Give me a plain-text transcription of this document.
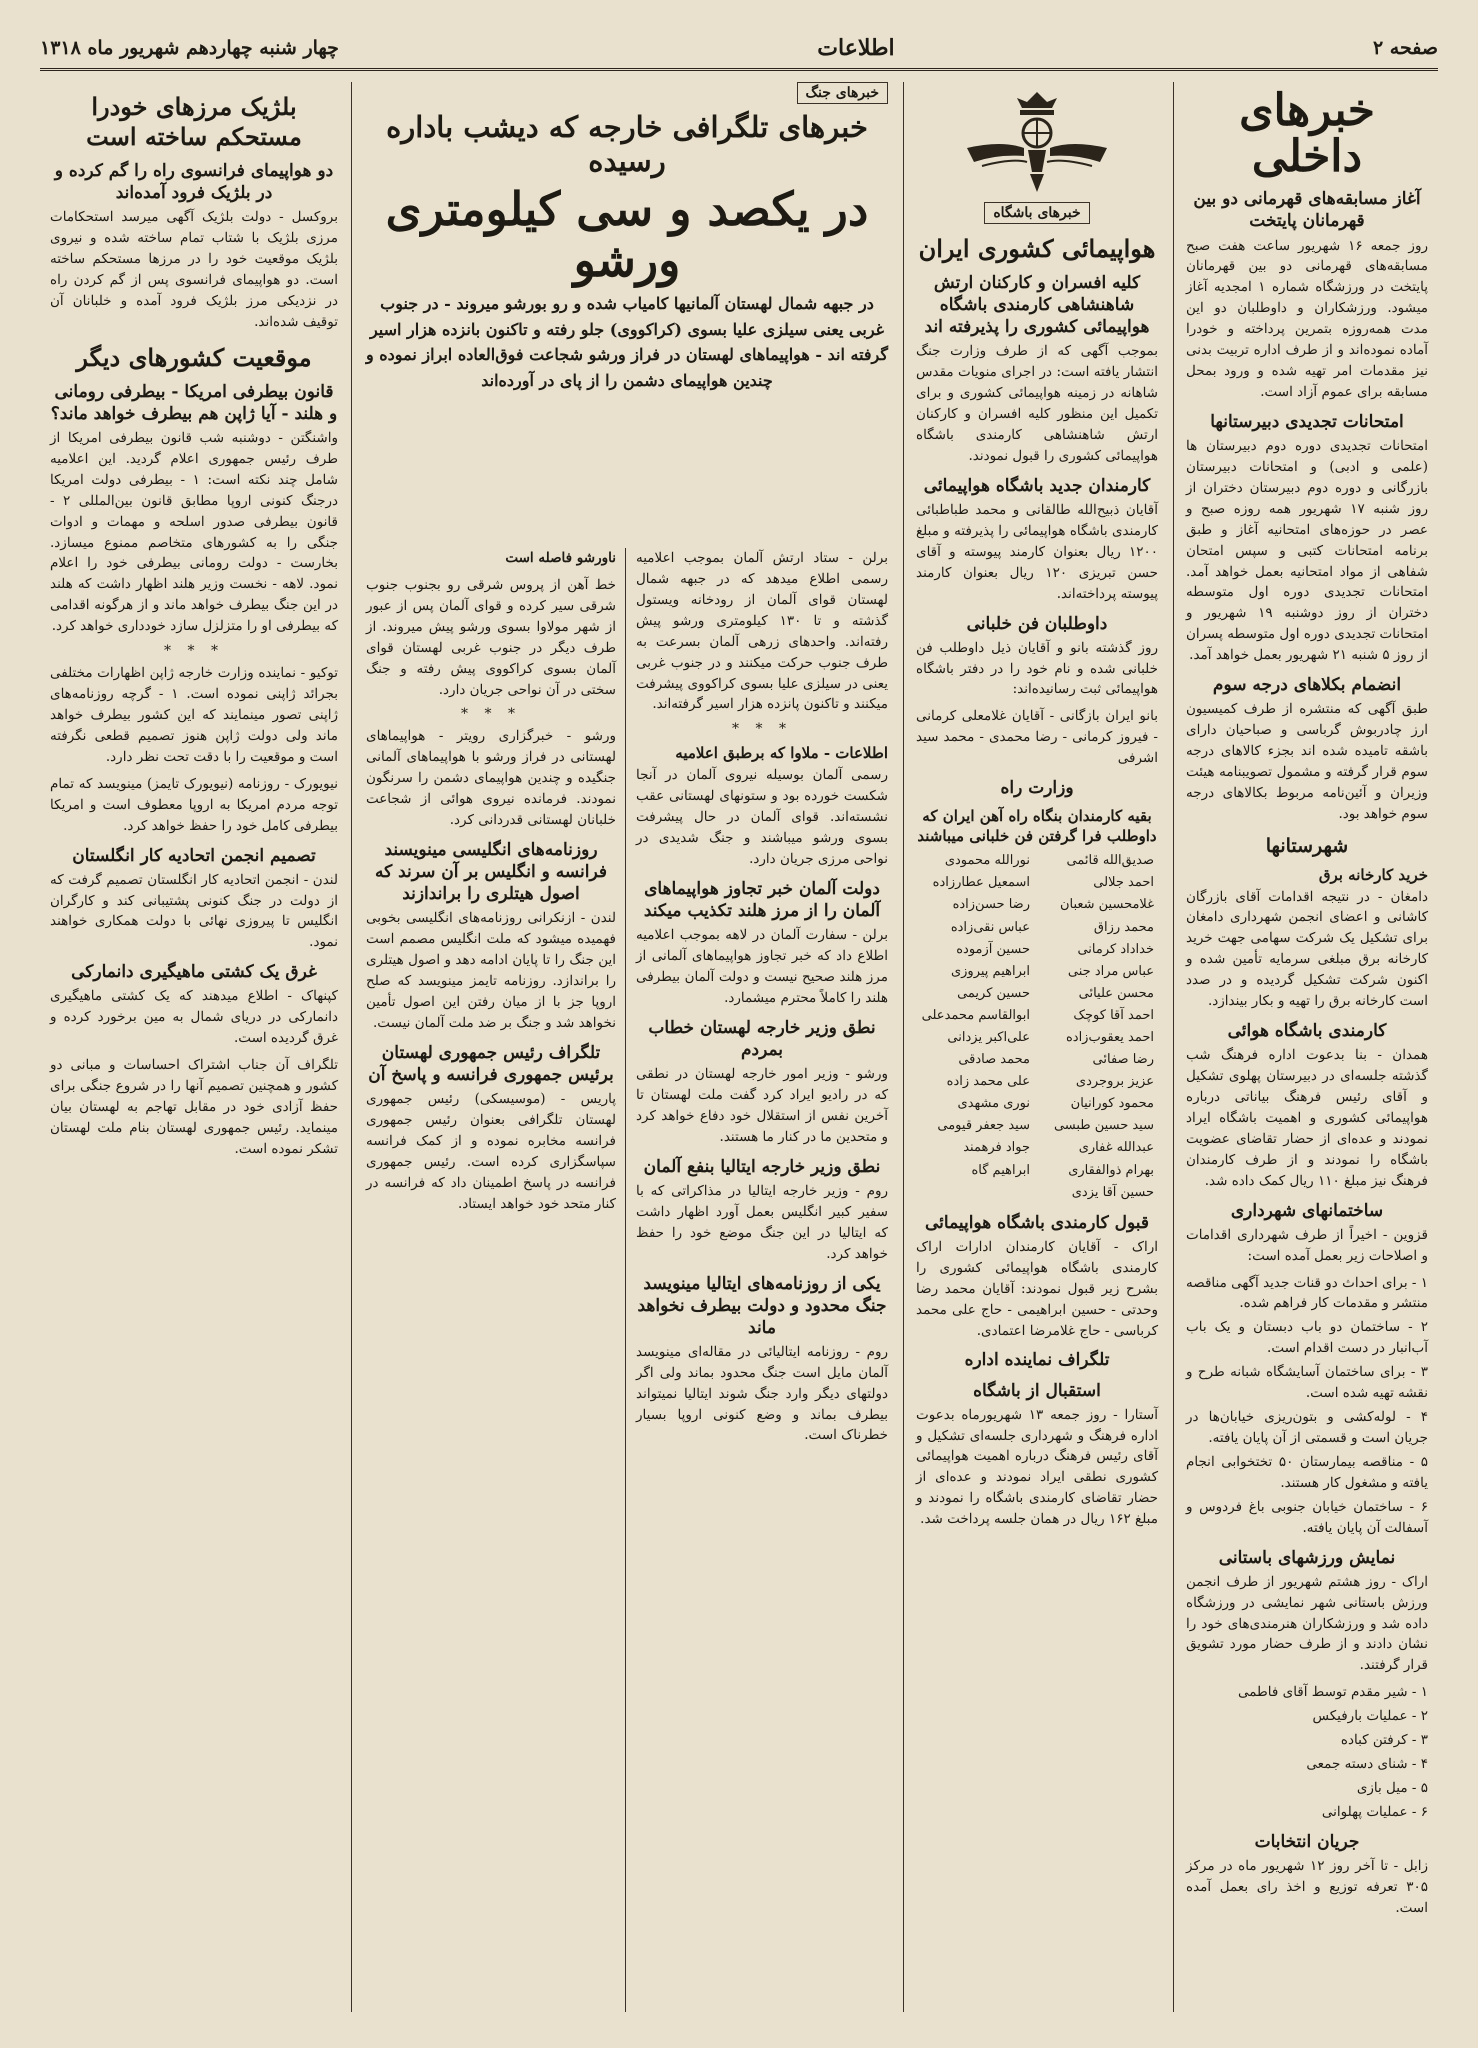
صفحه ۲
اطلاعات
چهار شنبه چهاردهم شهریور ماه ۱۳۱۸
خبرهای داخلی
آغاز مسابقه‌های قهرمانی دو بین قهرمانان پایتخت

روز جمعه ۱۶ شهریور ساعت هفت صبح مسابقه‌های قهرمانی دو بین قهرمانان پایتخت در ورزشگاه شماره ۱ امجدیه آغاز میشود. ورزشکاران و داوطلبان دو این مدت همه‌روزه بتمرین پرداخته و خودرا آماده نموده‌اند و از طرف اداره تربیت بدنی نیز مقدمات امر تهیه شده و ورود بمحل مسابقه برای عموم آزاد است.

امتحانات تجدیدی دبیرستانها

امتحانات تجدیدی دوره دوم دبیرستان ها (علمی و ادبی) و امتحانات دبیرستان بازرگانی و دوره دوم دبیرستان دختران از روز شنبه ۱۷ شهریور همه روزه صبح و عصر در حوزه‌های امتحانیه آغاز و طبق برنامه امتحانات کتبی و سپس امتحان شفاهی از مواد امتحانیه بعمل خواهد آمد. امتحانات تجدیدی دوره اول متوسطه دختران از روز دوشنبه ۱۹ شهریور و امتحانات تجدیدی دوره اول متوسطه پسران از روز ۵ شنبه ۲۱ شهریور بعمل خواهد آمد.

انضمام بکلاهای درجه سوم

طبق آگهی که منتشره از طرف کمیسیون ارز چادربوش گرباسی و صباحیان دارای باشقه تامیده شده اند بجزء کالاهای درجه سوم قرار گرفته و مشمول تصویبنامه هیئت وزیران و آئین‌نامه مربوط بکالاهای درجه سوم خواهد بود.

شهرستانها
خرید کارخانه برق

دامغان - در نتیجه اقدامات آقای بازرگان کاشانی و اعضای انجمن شهرداری دامغان برای تشکیل یک شرکت سهامی جهت خرید کارخانه برق مبلغی سرمایه تأمین شده و اکنون شرکت تشکیل گردیده و در صدد است کارخانه برق را تهیه و بکار بیندازد.

کارمندی باشگاه هوائی

همدان - بنا بدعوت اداره فرهنگ شب گذشته جلسه‌ای در دبیرستان پهلوی تشکیل و آقای رئیس فرهنگ بیاناتی درباره هواپیمائی کشوری و اهمیت باشگاه ایراد نمودند و عده‌ای از حضار تقاضای عضویت باشگاه را نمودند و از طرف کارمندان فرهنگ نیز مبلغ ۱۱۰ ریال کمک داده شد.

ساختمانهای شهرداری

قزوین - اخیراً از طرف شهرداری اقدامات و اصلاحات زیر بعمل آمده است:

۱ - برای احداث دو قنات جدید آگهی مناقصه منتشر و مقدمات کار فراهم شده.

۲ - ساختمان دو باب دبستان و یک باب آب‌انبار در دست اقدام است.

۳ - برای ساختمان آسایشگاه شبانه طرح و نقشه تهیه شده است.

۴ - لوله‌کشی و بتون‌ریزی خیابان‌ها در جریان است و قسمتی از آن پایان یافته.

۵ - مناقصه بیمارستان ۵۰ تختخوابی انجام یافته و مشغول کار هستند.

۶ - ساختمان خیابان جنوبی باغ فردوس و آسفالت آن پایان یافته.

نمایش ورزشهای باستانی

اراک - روز هشتم شهریور از طرف انجمن ورزش باستانی شهر نمایشی در ورزشگاه داده شد و ورزشکاران هنرمندی‌های خود را نشان دادند و از طرف حضار مورد تشویق قرار گرفتند.

۱ - شیر مقدم توسط آقای فاطمی

۲ - عملیات بارفیکس

۳ - کرفتن کباده

۴ - شنای دسته جمعی

۵ - میل بازی

۶ - عملیات پهلوانی

جریان انتخابات

زابل - تا آخر روز ۱۲ شهریور ماه در مرکز ۳۰۵ تعرفه توزیع و اخذ رای بعمل آمده است.

خبرهای باشگاه
هواپیمائی کشوری ایران
کلیه افسران و کارکنان ارتش شاهنشاهی کارمندی باشگاه هواپیمائی کشوری را پذیرفته اند

بموجب آگهی که از طرف وزارت جنگ انتشار یافته است: در اجرای منویات مقدس شاهانه در زمینه هواپیمائی کشوری و برای تکمیل این منظور کلیه افسران و کارکنان ارتش شاهنشاهی کارمندی باشگاه هواپیمائی کشوری را قبول نمودند.

کارمندان جدید باشگاه هواپیمائی

آقایان ذبیح‌الله طالقانی و محمد طباطبائی کارمندی باشگاه هواپیمائی را پذیرفته و مبلغ ۱۲۰۰ ریال بعنوان کارمند پیوسته و آقای حسن تبریزی ۱۲۰ ریال بعنوان کارمند پیوسته پرداخته‌اند.

داوطلبان فن خلبانی

روز گذشته بانو و آقایان ذیل داوطلب فن خلبانی شده و نام خود را در دفتر باشگاه هواپیمائی ثبت رسانیده‌اند:

بانو ایران بازگانی - آقایان غلامعلی کرمانی - فیروز کرمانی - رضا محمدی - محمد سید اشرفی

وزارت راه
بقیه کارمندان بنگاه راه آهن ایران که داوطلب فرا گرفتن فن خلبانی میباشند
صدیق‌الله قائمی
احمد جلالی
غلامحسین شعبان
محمد رزاق
خداداد کرمانی
عباس مراد جنی
محسن علیائی
احمد آقا کوچک
احمد یعقوب‌زاده
رضا صفائی
عزیز بروجردی
محمود کورانیان
سید حسین طبسی
عبدالله غفاری
بهرام ذوالفقاری
حسین آقا یزدی
نورالله محمودی
اسمعیل عطارزاده
رضا حسن‌زاده
عباس نقی‌زاده
حسین آزموده
ابراهیم پیروزی
حسین کریمی
ابوالقاسم محمدعلی
علی‌اکبر یزدانی
محمد صادقی
علی محمد زاده
نوری مشهدی
سید جعفر قیومی
جواد فرهمند
ابراهیم گاه
قبول کارمندی باشگاه هواپیمائی

اراک - آقایان کارمندان ادارات اراک کارمندی باشگاه هواپیمائی کشوری را بشرح زیر قبول نمودند: آقایان محمد رضا وحدتی - حسین ابراهیمی - حاج علی محمد کرباسی - حاج غلامرضا اعتمادی.

تلگراف نماینده اداره
استقبال از باشگاه

آستارا - روز جمعه ۱۳ شهریورماه بدعوت اداره فرهنگ و شهرداری جلسه‌ای تشکیل و آقای رئیس فرهنگ درباره اهمیت هواپیمائی کشوری نطقی ایراد نمودند و عده‌ای از حضار تقاضای کارمندی باشگاه را نمودند و مبلغ ۱۶۲ ریال در همان جلسه پرداخت شد.

خبرهای جنگ
خبرهای تلگرافی خارجه که دیشب باداره رسیده
در یکصد و سی کیلومتری ورشو

در جبهه شمال لهستان آلمانیها کامیاب شده و رو بورشو میروند - در جنوب غربی یعنی سیلزی علیا بسوی (کراکووی) جلو رفته و تاکنون بانزده هزار اسیر گرفته اند - هواپیماهای لهستان در فراز ورشو شجاعت فوق‌العاده ابراز نموده و چندین هواپیمای دشمن را از پای در آورده‌اند

برلن - ستاد ارتش آلمان بموجب اعلامیه رسمی اطلاع میدهد که در جبهه شمال لهستان قوای آلمان از رودخانه ویستول گذشته و تا ۱۳۰ کیلومتری ورشو پیش رفته‌اند. واحدهای زرهی آلمان بسرعت به طرف جنوب حرکت میکنند و در جنوب غربی یعنی در سیلزی علیا بسوی کراکووی پیشرفت میکنند و تاکنون پانزده هزار اسیر گرفته‌اند.

* * *
اطلاعات - ملاوا که برطبق اعلامیه

رسمی آلمان بوسیله نیروی آلمان در آنجا شکست خورده بود و ستونهای لهستانی عقب نشسته‌اند. قوای آلمان در حال پیشرفت بسوی ورشو میباشند و جنگ شدیدی در نواحی مرزی جریان دارد.

دولت آلمان خبر تجاوز هواپیماهای آلمان را از مرز هلند تکذیب میکند

برلن - سفارت آلمان در لاهه بموجب اعلامیه اطلاع داد که خبر تجاوز هواپیماهای آلمانی از مرز هلند صحیح نیست و دولت آلمان بیطرفی هلند را کاملاً محترم میشمارد.

نطق وزیر خارجه لهستان خطاب بمردم

ورشو - وزیر امور خارجه لهستان در نطقی که در رادیو ایراد کرد گفت ملت لهستان تا آخرین نفس از استقلال خود دفاع خواهد کرد و متحدین ما در کنار ما هستند.

نطق وزیر خارجه ایتالیا بنفع آلمان

روم - وزیر خارجه ایتالیا در مذاکراتی که با سفیر کبیر انگلیس بعمل آورد اظهار داشت که ایتالیا در این جنگ موضع خود را حفظ خواهد کرد.

یکی از روزنامه‌های ایتالیا مینویسد جنگ محدود و دولت بیطرف نخواهد ماند

روم - روزنامه ایتالیائی در مقاله‌ای مینویسد آلمان مایل است جنگ محدود بماند ولی اگر دولتهای دیگر وارد جنگ شوند ایتالیا نمیتواند بیطرف بماند و وضع کنونی اروپا بسیار خطرناک است.

ناورشو فاصله است

خط آهن از پروس شرقی رو بجنوب جنوب شرقی سیر کرده و قوای آلمان پس از عبور از شهر مولاوا بسوی ورشو پیش میروند. از طرف دیگر در جنوب غربی لهستان قوای آلمان بسوی کراکووی پیش رفته و جنگ سختی در آن نواحی جریان دارد.

* * *

ورشو - خبرگزاری رویتر - هواپیماهای لهستانی در فراز ورشو با هواپیماهای آلمانی جنگیده و چندین هواپیمای دشمن را سرنگون نمودند. فرمانده نیروی هوائی از شجاعت خلبانان لهستانی قدردانی کرد.

روزنامه‌های انگلیسی مینویسند فرانسه و انگلیس بر آن سرند که اصول هیتلری را براندازند

لندن - ازنکرانی روزنامه‌های انگلیسی بخوبی فهمیده میشود که ملت انگلیس مصمم است این جنگ را تا پایان ادامه دهد و اصول هیتلری را براندازد. روزنامه تایمز مینویسد که صلح اروپا جز با از میان رفتن این اصول تأمین نخواهد شد و جنگ بر ضد ملت آلمان نیست.

تلگراف رئیس جمهوری لهستان برئیس جمهوری فرانسه و پاسخ آن

پاریس - (موسیسکی) رئیس جمهوری لهستان تلگرافی بعنوان رئیس جمهوری فرانسه مخابره نموده و از کمک فرانسه سپاسگزاری کرده است. رئیس جمهوری فرانسه در پاسخ اطمینان داد که فرانسه در کنار متحد خود خواهد ایستاد.

بلژیک مرزهای خودرا مستحکم ساخته است
دو هواپیمای فرانسوی راه را گم کرده و در بلژیک فرود آمده‌اند

بروکسل - دولت بلژیک آگهی میرسد استحکامات مرزی بلژیک با شتاب تمام ساخته شده و نیروی بلژیک موقعیت خود را در مرزها مستحکم ساخته است. دو هواپیمای فرانسوی پس از گم کردن راه در نزدیکی مرز بلژیک فرود آمده و خلبانان آن توقیف شده‌اند.

موقعیت کشورهای دیگر
قانون بیطرفی امریکا - بیطرفی رومانی و هلند - آیا ژاپن هم بیطرف خواهد ماند؟

واشنگتن - دوشنبه شب قانون بیطرفی امریکا از طرف رئیس جمهوری اعلام گردید. این اعلامیه شامل چند نکته است: ۱ - بیطرفی دولت امریکا درجنگ کنونی اروپا مطابق قانون بین‌المللی ۲ - قانون بیطرفی صدور اسلحه و مهمات و ادوات جنگی را به کشورهای متخاصم ممنوع میسازد. بخارست - دولت رومانی بیطرفی خود را اعلام نمود. لاهه - نخست وزیر هلند اظهار داشت که هلند در این جنگ بیطرف خواهد ماند و از هرگونه اقدامی که بیطرفی او را متزلزل سازد خودداری خواهد کرد.

* * *

توکیو - نماینده وزارت خارجه ژاپن اظهارات مختلفی بجرائد ژاپنی نموده است. ۱ - گرچه روزنامه‌های ژاپنی تصور مینمایند که این کشور بیطرف خواهد ماند ولی دولت ژاپن هنوز تصمیم قطعی نگرفته است و موقعیت را با دقت تحت نظر دارد.

نیویورک - روزنامه (نیویورک تایمز) مینویسد که تمام توجه مردم امریکا به اروپا معطوف است و امریکا بیطرفی کامل خود را حفظ خواهد کرد.

تصمیم انجمن اتحادیه کار انگلستان

لندن - انجمن اتحادیه کار انگلستان تصمیم گرفت که از دولت در جنگ کنونی پشتیبانی کند و کارگران انگلیس تا پیروزی نهائی با دولت همکاری خواهند نمود.

غرق یک کشتی ماهیگیری دانمارکی

کپنهاک - اطلاع میدهند که یک کشتی ماهیگیری دانمارکی در دریای شمال به مین برخورد کرده و غرق گردیده است.

تلگراف آن جناب اشتراک احساسات و مبانی دو کشور و همچنین تصمیم آنها را در شروع جنگی برای حفظ آزادی خود در مقابل تهاجم به لهستان بیان مینماید. رئیس جمهوری لهستان بنام ملت لهستان تشکر نموده است.
